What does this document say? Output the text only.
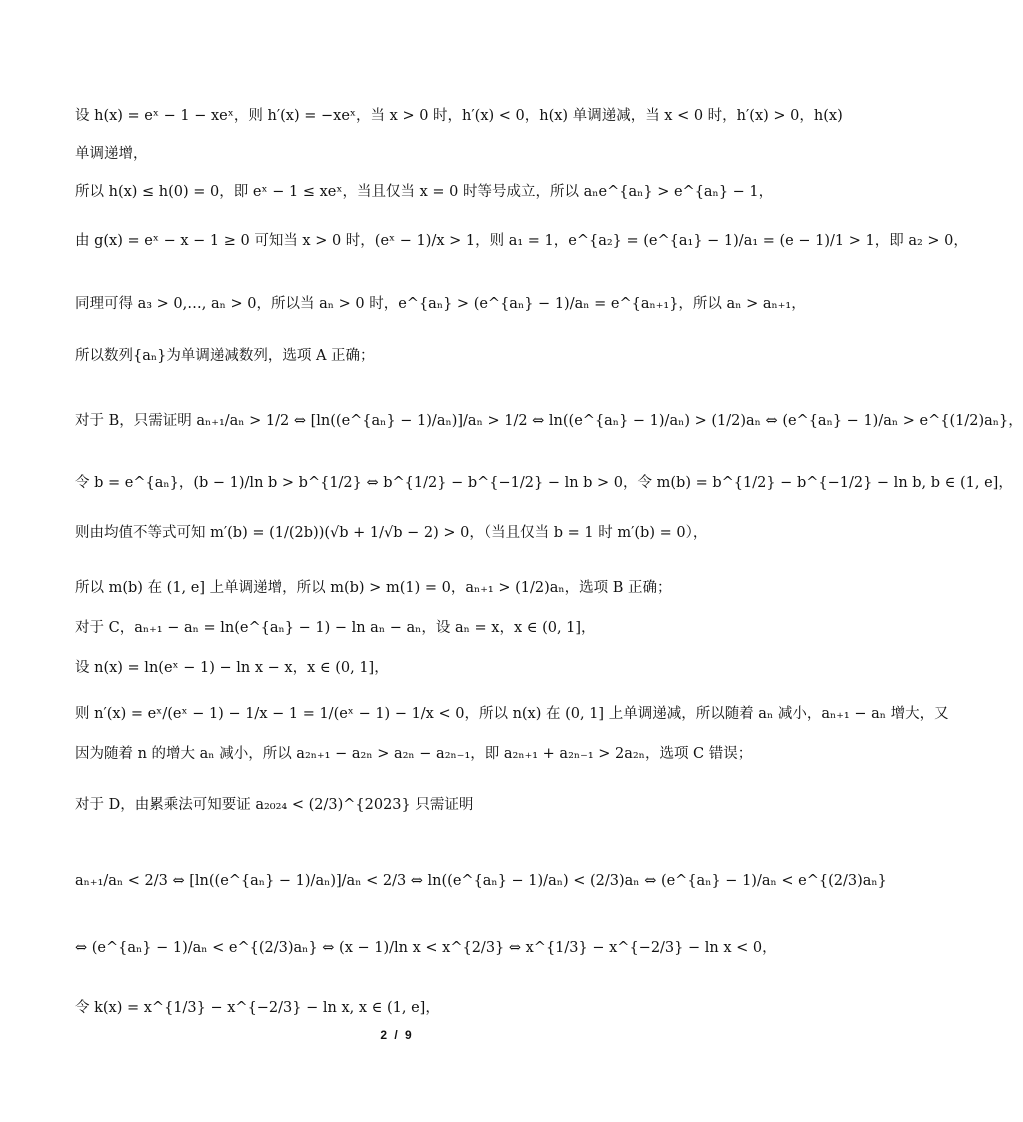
设 h(x) = eˣ − 1 − xeˣ，则 h′(x) = −xeˣ，当 x > 0 时，h′(x) < 0，h(x) 单调递减，当 x < 0 时，h′(x) > 0，h(x)
单调递增，
所以 h(x) ≤ h(0) = 0，即 eˣ − 1 ≤ xeˣ，当且仅当 x = 0 时等号成立，所以 aₙe^{aₙ} > e^{aₙ} − 1，
由 g(x) = eˣ − x − 1 ≥ 0 可知当 x > 0 时，(eˣ − 1)/x > 1，则 a₁ = 1，e^{a₂} = (e^{a₁} − 1)/a₁ = (e − 1)/1 > 1，即 a₂ > 0，
同理可得 a₃ > 0,…, aₙ > 0，所以当 aₙ > 0 时，e^{aₙ} > (e^{aₙ} − 1)/aₙ = e^{aₙ₊₁}，所以 aₙ > aₙ₊₁，
所以数列{aₙ}为单调递减数列，选项 A 正确；
对于 B，只需证明 aₙ₊₁/aₙ > 1/2 ⇔ [ln((e^{aₙ} − 1)/aₙ)]/aₙ > 1/2 ⇔ ln((e^{aₙ} − 1)/aₙ) > (1/2)aₙ ⇔ (e^{aₙ} − 1)/aₙ > e^{(1/2)aₙ}，
令 b = e^{aₙ}，(b − 1)/ln b > b^{1/2} ⇔ b^{1/2} − b^{−1/2} − ln b > 0，令 m(b) = b^{1/2} − b^{−1/2} − ln b, b ∈ (1, e]，
则由均值不等式可知 m′(b) = (1/(2b))(√b + 1/√b − 2) > 0，（当且仅当 b = 1 时 m′(b) = 0），
所以 m(b) 在 (1, e] 上单调递增，所以 m(b) > m(1) = 0，aₙ₊₁ > (1/2)aₙ，选项 B 正确；
对于 C，aₙ₊₁ − aₙ = ln(e^{aₙ} − 1) − ln aₙ − aₙ，设 aₙ = x，x ∈ (0, 1]，
设 n(x) = ln(eˣ − 1) − ln x − x，x ∈ (0, 1]，
则 n′(x) = eˣ/(eˣ − 1) − 1/x − 1 = 1/(eˣ − 1) − 1/x < 0，所以 n(x) 在 (0, 1] 上单调递减，所以随着 aₙ 减小，aₙ₊₁ − aₙ 增大，又
因为随着 n 的增大 aₙ 减小，所以 a₂ₙ₊₁ − a₂ₙ > a₂ₙ − a₂ₙ₋₁，即 a₂ₙ₊₁ + a₂ₙ₋₁ > 2a₂ₙ，选项 C 错误；
对于 D，由累乘法可知要证 a₂₀₂₄ < (2/3)^{2023} 只需证明
aₙ₊₁/aₙ < 2/3 ⇔ [ln((e^{aₙ} − 1)/aₙ)]/aₙ < 2/3 ⇔ ln((e^{aₙ} − 1)/aₙ) < (2/3)aₙ ⇔ (e^{aₙ} − 1)/aₙ < e^{(2/3)aₙ}
⇔ (e^{aₙ} − 1)/aₙ < e^{(2/3)aₙ} ⇔ (x − 1)/ln x < x^{2/3} ⇔ x^{1/3} − x^{−2/3} − ln x < 0，
令 k(x) = x^{1/3} − x^{−2/3} − ln x, x ∈ (1, e]，
2 / 9
